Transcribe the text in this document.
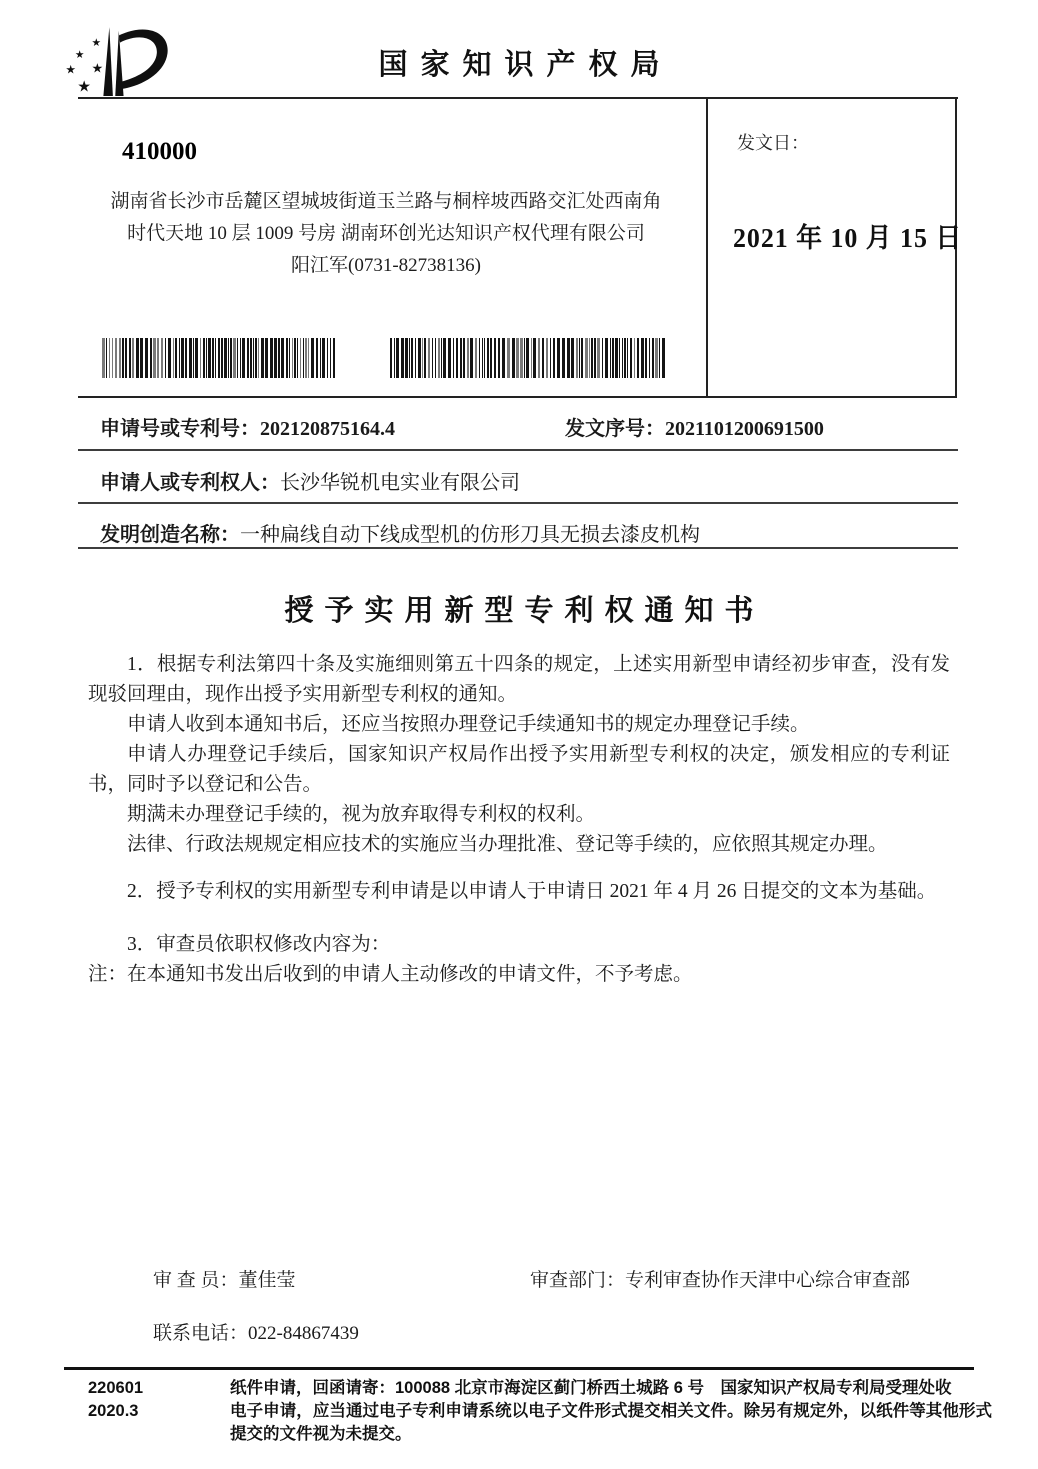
★
★
★ ★
★
国家知识产权局
发文日：
2021 年 10 月 15 日
410000
湖南省长沙市岳麓区望城坡街道玉兰路与桐梓坡西路交汇处西南角
时代天地 10 层 1009 号房 湖南环创光达知识产权代理有限公司
阳江军(0731-82738136)
申请号或专利号：202120875164.4	发文序号：2021101200691500
申请人或专利权人：长沙华锐机电实业有限公司
发明创造名称：一种扁线自动下线成型机的仿形刀具无损去漆皮机构
授予实用新型专利权通知书

1．根据专利法第四十条及实施细则第五十四条的规定，上述实用新型申请经初步审查，没有发现驳回理由，现作出授予实用新型专利权的通知。

申请人收到本通知书后，还应当按照办理登记手续通知书的规定办理登记手续。

申请人办理登记手续后，国家知识产权局作出授予实用新型专利权的决定，颁发相应的专利证书，同时予以登记和公告。

期满未办理登记手续的，视为放弃取得专利权的权利。

法律、行政法规规定相应技术的实施应当办理批准、登记等手续的，应依照其规定办理。

2．授予专利权的实用新型专利申请是以申请人于申请日 2021 年 4 月 26 日提交的文本为基础。

3．审查员依职权修改内容为：

注：在本通知书发出后收到的申请人主动修改的申请文件，不予考虑。

审 查 员：董佳莹	审查部门：专利审查协作天津中心综合审查部
联系电话：022-84867439
220601
2020.3

纸件申请，回函请寄：100088 北京市海淀区蓟门桥西土城路 6 号　国家知识产权局专利局受理处收

电子申请，应当通过电子专利申请系统以电子文件形式提交相关文件。除另有规定外，以纸件等其他形式提交的文件视为未提交。
